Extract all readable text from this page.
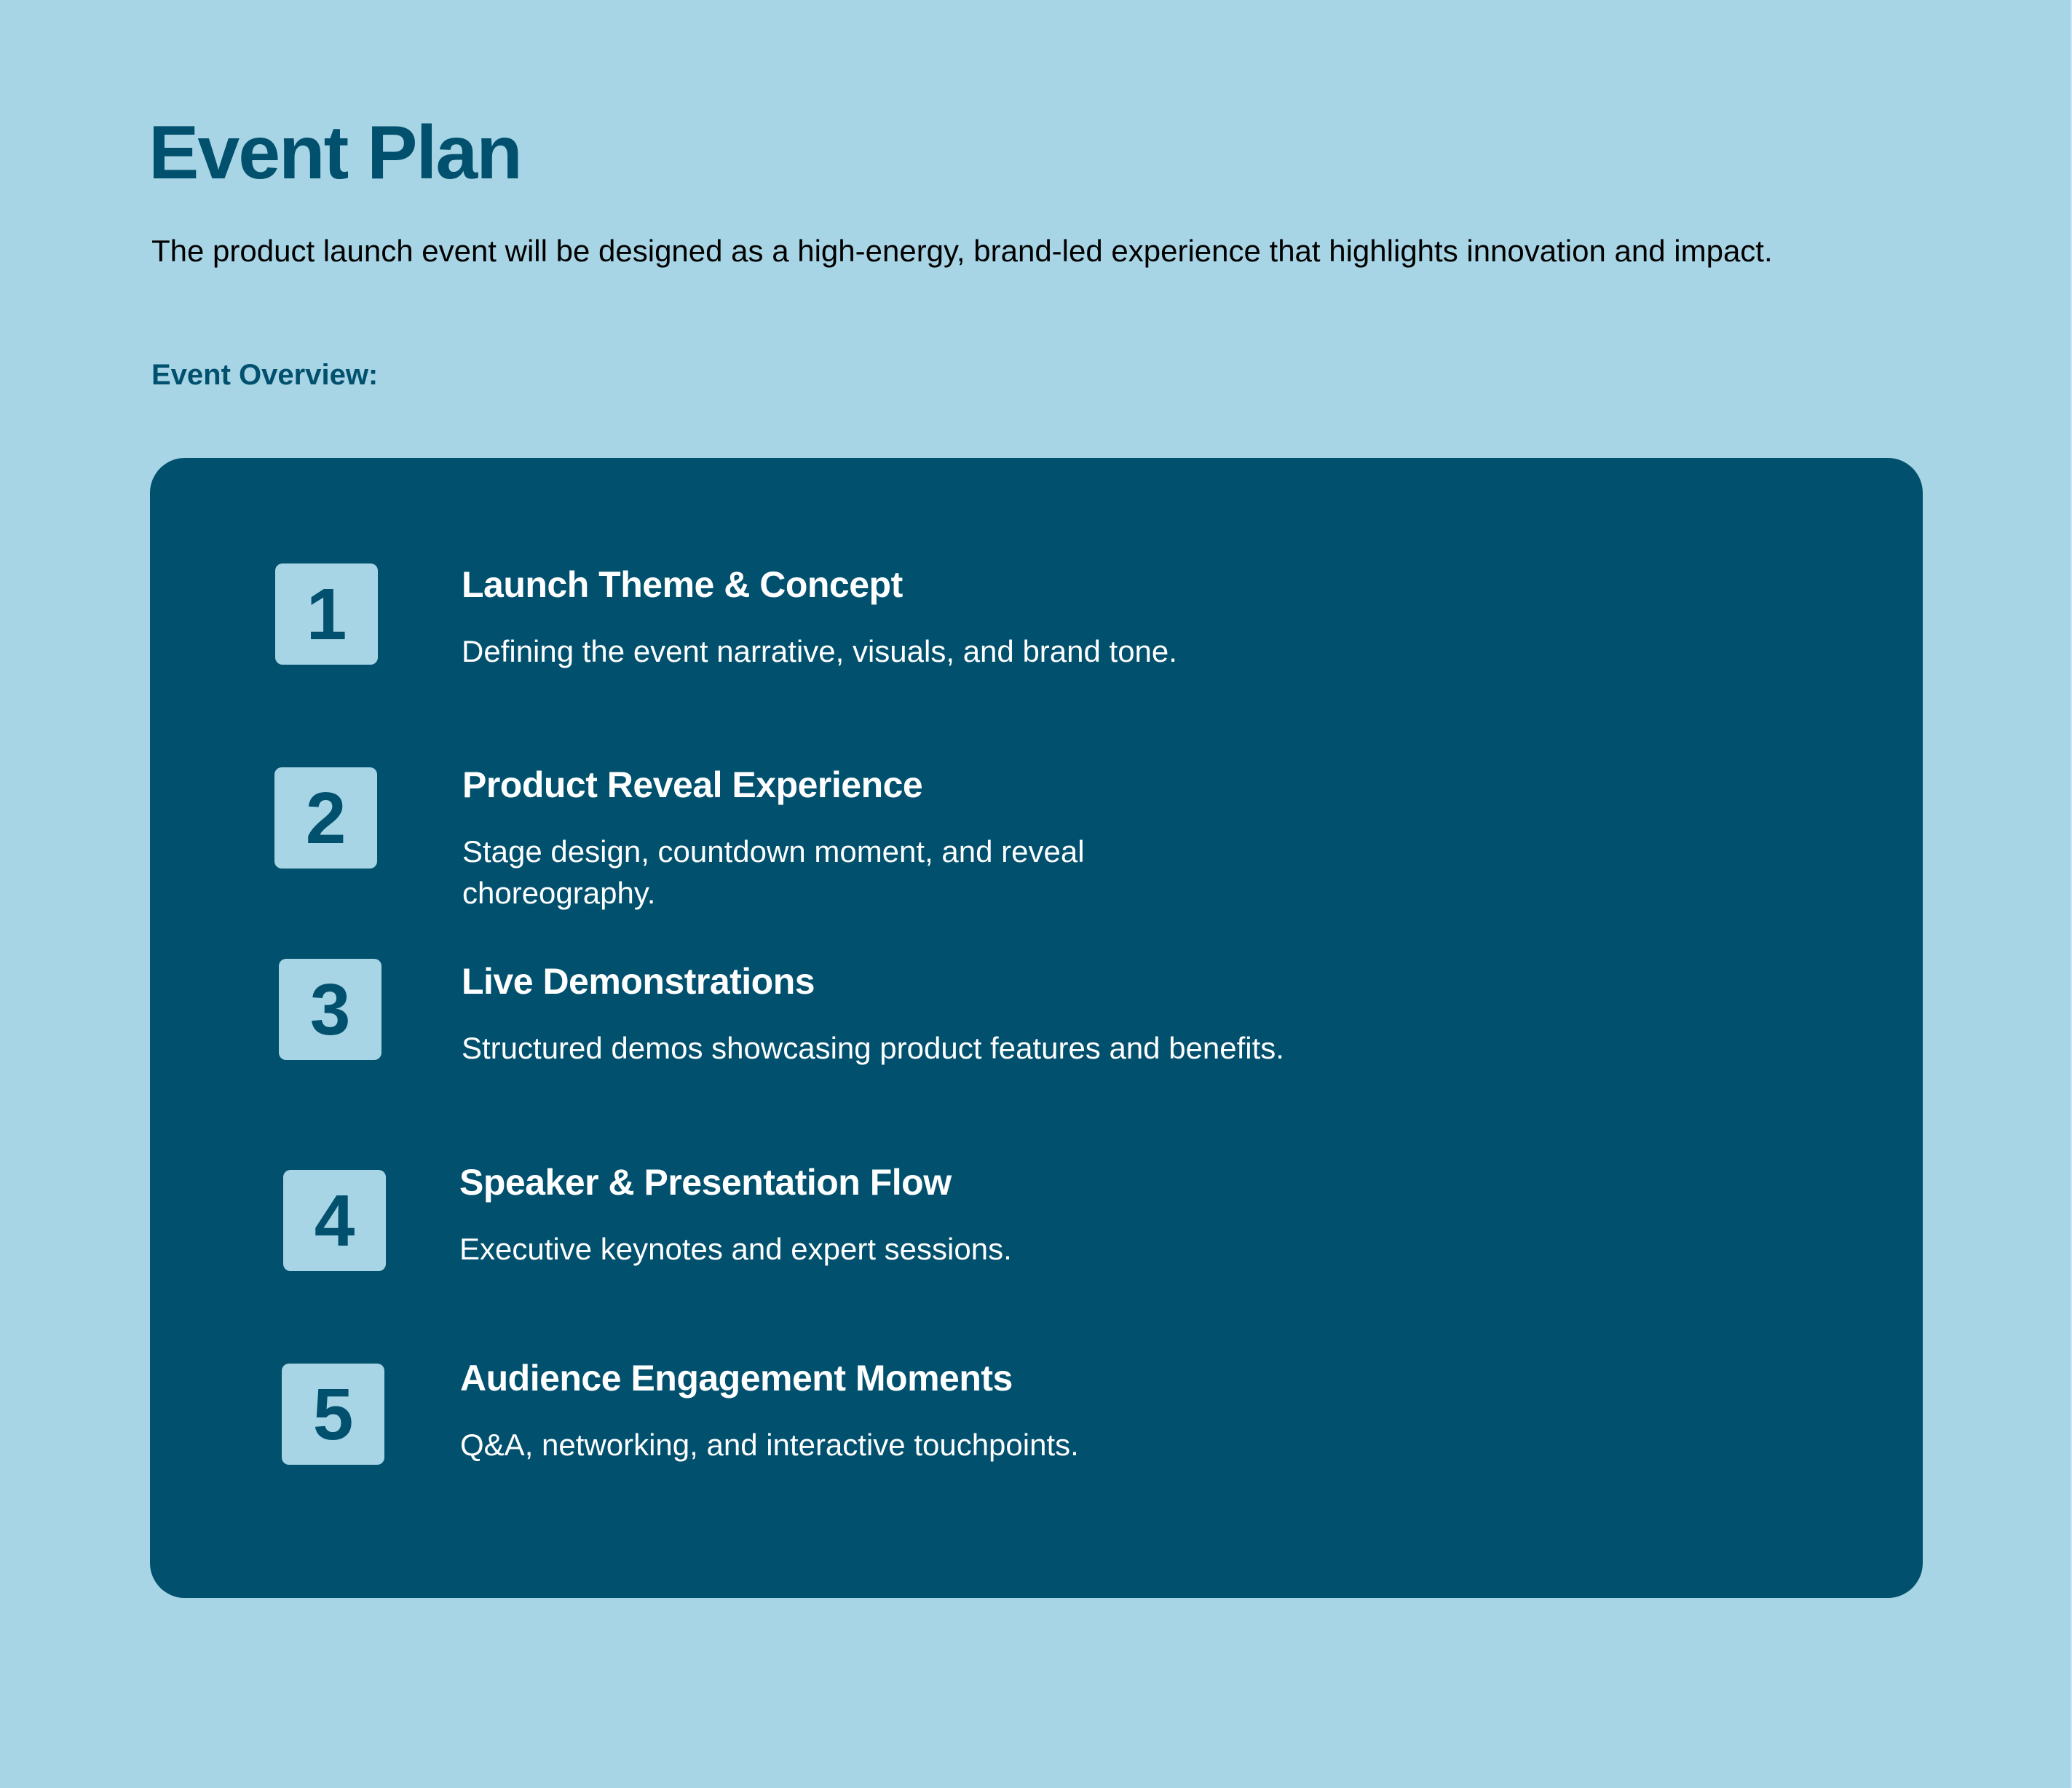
Event Plan

The product launch event will be designed as a high-energy, brand-led experience that highlights innovation and impact.

Event Overview:
1	Launch Theme & Concept

Defining the event narrative, visuals, and brand tone.

2	Product Reveal Experience

Stage design, countdown moment, and reveal choreography.

3	Live Demonstrations

Structured demos showcasing product features and benefits.

4	Speaker & Presentation Flow

Executive keynotes and expert sessions.

5	Audience Engagement Moments

Q&A, networking, and interactive touchpoints.
